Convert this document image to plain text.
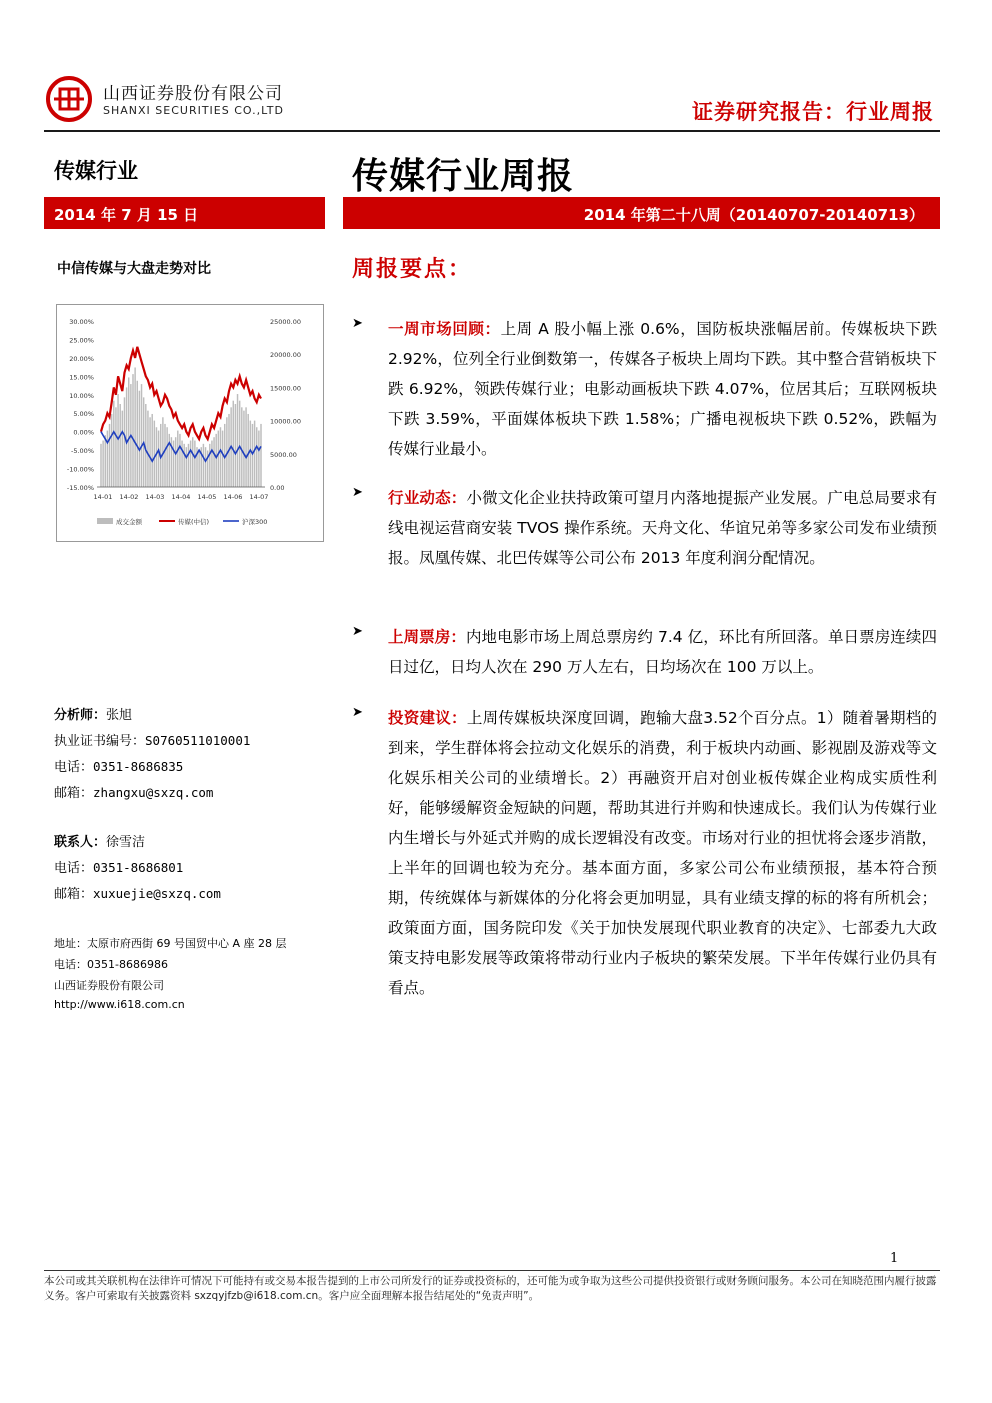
山西证券股份有限公司
SHANXI SECURITIES CO.,LTD	证券研究报告：行业周报
传媒行业
2014 年 7 月 15 日
中信传媒与大盘走势对比
30.00%
25.00%
20.00%
15.00%
10.00%
5.00%
0.00%
-5.00%
-10.00%
-15.00%
25000.00
20000.00
15000.00
10000.00
5000.00
0.00
14-01 14-02 14-03 14-04 14-05 14-06 14-07
成交金额	传媒(中信)	沪深300
分析师：张旭
执业证书编号：S0760511010001
电话：0351-8686835
邮箱：zhangxu@sxzq.com
联系人：徐雪洁
电话：0351-8686801
邮箱：xuxuejie@sxzq.com
地址：太原市府西街 69 号国贸中心 A 座 28 层
电话：0351-8686986
山西证券股份有限公司
http://www.i618.com.cn
传媒行业周报
2014 年第二十八周（20140707-20140713）
周报要点：
➤ 一周市场回顾：上周 A 股小幅上涨 0.6%，国防板块涨幅居前。传媒板块下跌 2.92%，位列全行业倒数第一，传媒各子板块上周均下跌。其中整合营销板块下跌 6.92%，领跌传媒行业；电影动画板块下跌 4.07%，位居其后；互联网板块下跌 3.59%，平面媒体板块下跌 1.58%；广播电视板块下跌 0.52%，跌幅为传媒行业最小。

➤ 行业动态：小微文化企业扶持政策可望月内落地提振产业发展。广电总局要求有线电视运营商安装 TVOS 操作系统。天舟文化、华谊兄弟等多家公司发布业绩预报。凤凰传媒、北巴传媒等公司公布 2013 年度利润分配情况。

➤ 上周票房：内地电影市场上周总票房约 7.4 亿，环比有所回落。单日票房连续四日过亿，日均人次在 290 万人左右，日均场次在 100 万以上。

➤ 投资建议：上周传媒板块深度回调，跑输大盘3.52个百分点。1）随着暑期档的到来，学生群体将会拉动文化娱乐的消费，利于板块内动画、影视剧及游戏等文化娱乐相关公司的业绩增长。2）再融资开启对创业板传媒企业构成实质性利好，能够缓解资金短缺的问题，帮助其进行并购和快速成长。我们认为传媒行业内生增长与外延式并购的成长逻辑没有改变。市场对行业的担忧将会逐步消散，上半年的回调也较为充分。基本面方面，多家公司公布业绩预报，基本符合预期，传统媒体与新媒体的分化将会更加明显，具有业绩支撑的标的将有所机会；政策面方面，国务院印发《关于加快发展现代职业教育的决定》、七部委九大政策支持电影发展等政策将带动行业内子板块的繁荣发展。下半年传媒行业仍具有看点。

1
本公司或其关联机构在法律许可情况下可能持有或交易本报告提到的上市公司所发行的证券或投资标的，还可能为或争取为这些公司提供投资银行或财务顾问服务。本公司在知晓范围内履行披露义务。客户可索取有关披露资料 sxzqyjfzb@i618.com.cn。客户应全面理解本报告结尾处的“免责声明”。
